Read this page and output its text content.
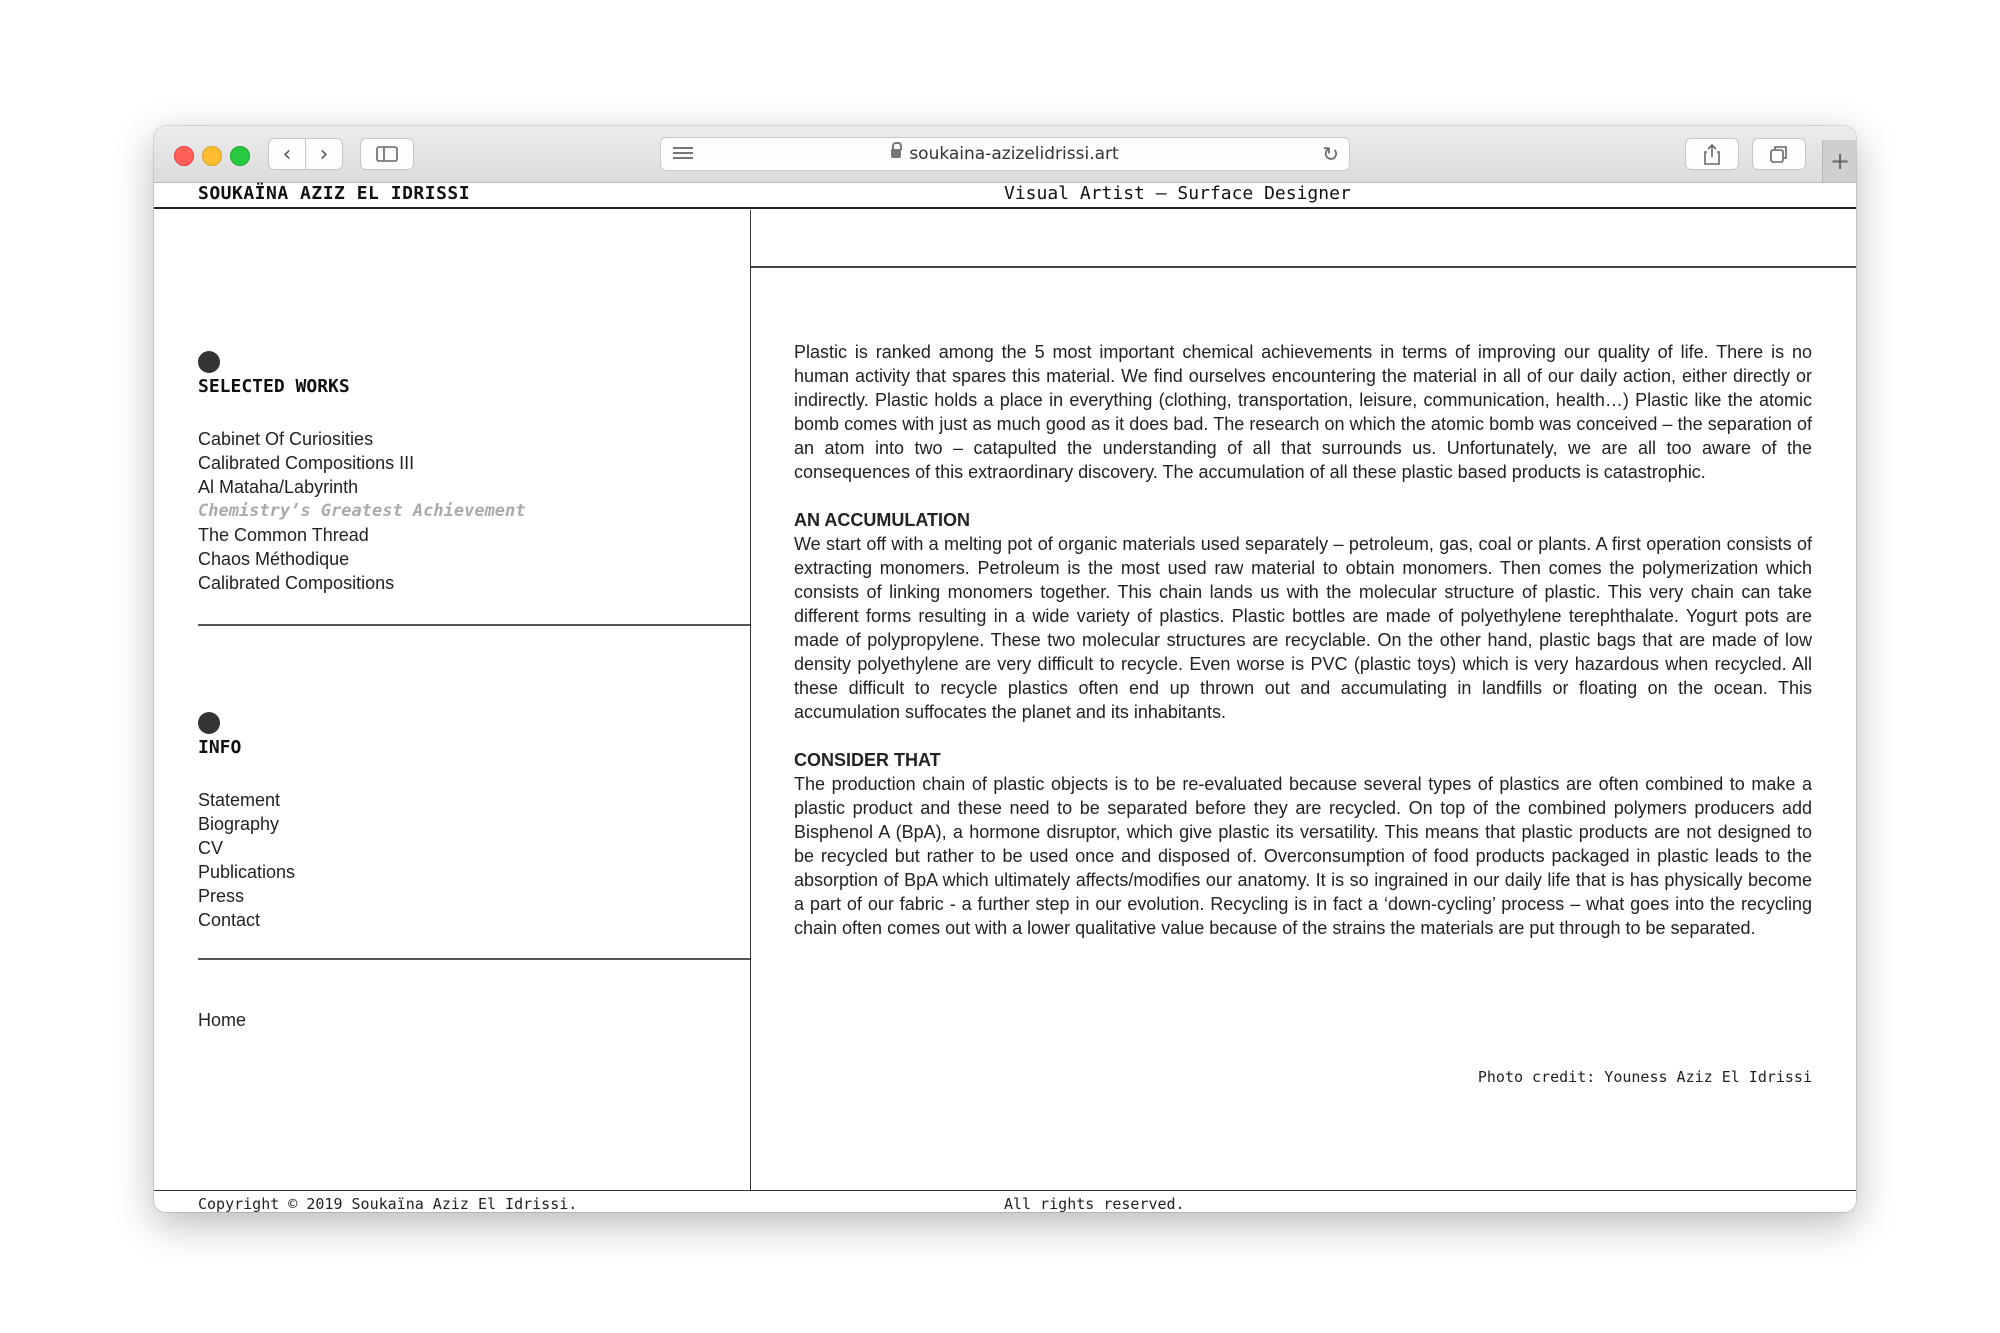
‹ ›	soukaina-azizelidrissi.art	↻	+
SOUKAÏNA AZIZ EL IDRISSI	Visual Artist — Surface Designer
SELECTED WORKS
Cabinet Of Curiosities
Calibrated Compositions III
Al Mataha/Labyrinth
Chemistry’s Greatest Achievement
The Common Thread
Chaos Méthodique
Calibrated Compositions
INFO
Statement
Biography
CV
Publications
Press
Contact
Home

Plastic is ranked among the 5 most important chemical achievements in terms of improving our quality of life. There is no human activity that spares this material. We find ourselves encountering the material in all of our daily action, either directly or indirectly. Plastic holds a place in everything (clothing, transportation, leisure, communication, health…) Plastic like the atomic bomb comes with just as much good as it does bad. The research on which the atomic bomb was conceived – the separation of an atom into two – catapulted the understanding of all that surrounds us. Unfortunately, we are all too aware of the consequences of this extraordinary discovery. The accumulation of all these plastic based products is catastrophic.

AN ACCUMULATION

We start off with a melting pot of organic materials used separately – petroleum, gas, coal or plants. A first operation consists of extracting monomers. Petroleum is the most used raw material to obtain monomers. Then comes the polymerization which consists of linking monomers together. This chain lands us with the molecular structure of plastic. This very chain can take different forms resulting in a wide variety of plastics. Plastic bottles are made of polyethylene terephthalate. Yogurt pots are made of polypropylene. These two molecular structures are recyclable. On the other hand, plastic bags that are made of low density polyethylene are very difficult to recycle. Even worse is PVC (plastic toys) which is very hazardous when recycled. All these difficult to recycle plastics often end up thrown out and accumulating in landfills or floating on the ocean. This accumulation suffocates the planet and its inhabitants.

CONSIDER THAT

The production chain of plastic objects is to be re-evaluated because several types of plastics are often combined to make a plastic product and these need to be separated before they are recycled. On top of the combined polymers producers add Bisphenol A (BpA), a hormone disruptor, which give plastic its versatility. This means that plastic products are not designed to be recycled but rather to be used once and disposed of. Overconsumption of food products packaged in plastic leads to the absorption of BpA which ultimately affects/modifies our anatomy. It is so ingrained in our daily life that is has physically become a part of our fabric - a further step in our evolution. Recycling is in fact a ‘down-cycling’ process – what goes into the recycling chain often comes out with a lower qualitative value because of the strains the materials are put through to be separated.

Photo credit: Youness Aziz El Idrissi
Copyright © 2019 Soukaïna Aziz El Idrissi.	All rights reserved.
